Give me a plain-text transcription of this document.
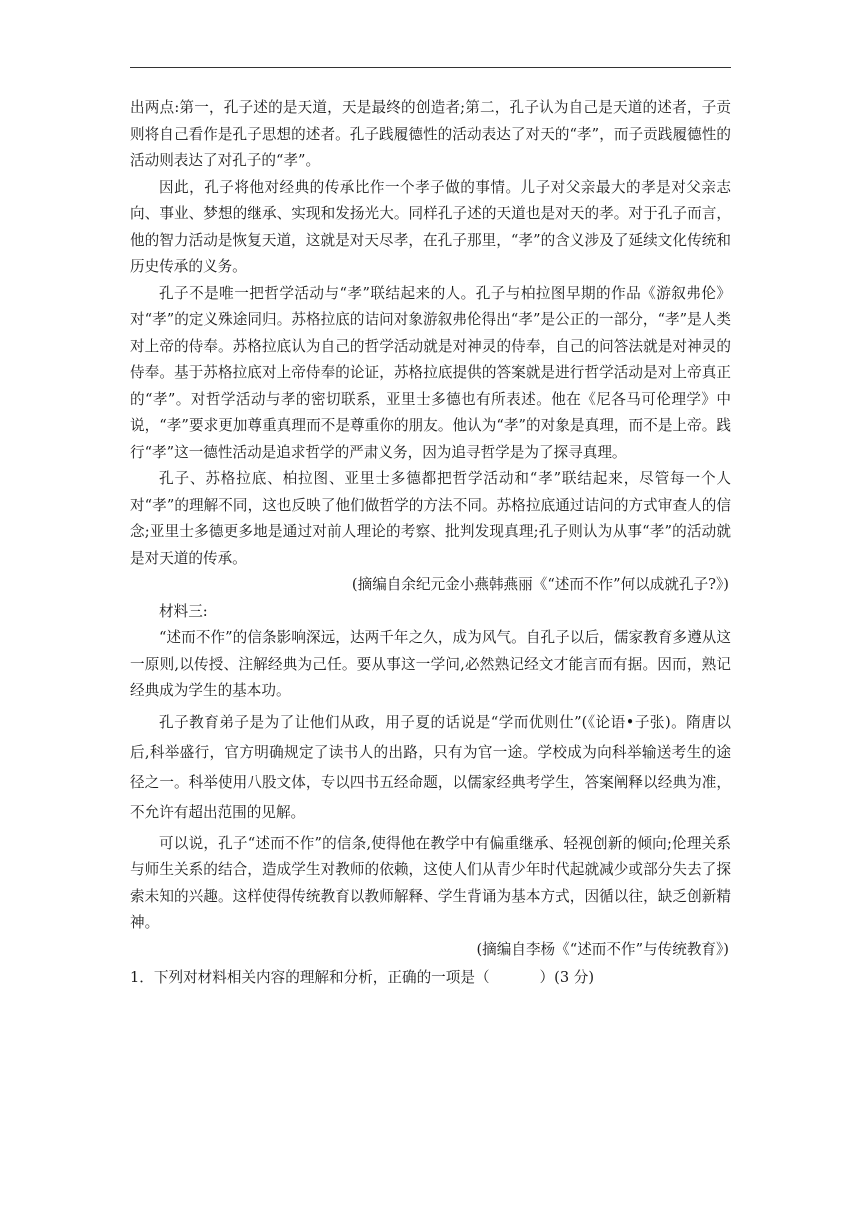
出两点:第一，孔子述的是天道，天是最终的创造者;第二，孔子认为自己是天道的述者，子贡则将自己看作是孔子思想的述者。孔子践履德性的活动表达了对天的“孝”，而子贡践履德性的活动则表达了对孔子的“孝”。

因此，孔子将他对经典的传承比作一个孝子做的事情。儿子对父亲最大的孝是对父亲志向、事业、梦想的继承、实现和发扬光大。同样孔子述的天道也是对天的孝。对于孔子而言，他的智力活动是恢复天道，这就是对天尽孝，在孔子那里，“孝”的含义涉及了延续文化传统和历史传承的义务。

孔子不是唯一把哲学活动与“孝”联结起来的人。孔子与柏拉图早期的作品《游叙弗伦》对“孝”的定义殊途同归。苏格拉底的诘问对象游叙弗伦得出“孝”是公正的一部分，“孝”是人类对上帝的侍奉。苏格拉底认为自己的哲学活动就是对神灵的侍奉，自己的问答法就是对神灵的侍奉。基于苏格拉底对上帝侍奉的论证，苏格拉底提供的答案就是进行哲学活动是对上帝真正的“孝”。对哲学活动与孝的密切联系，亚里士多德也有所表述。他在《尼各马可伦理学》中说，“孝”要求更加尊重真理而不是尊重你的朋友。他认为“孝”的对象是真理，而不是上帝。践行“孝”这一德性活动是追求哲学的严肃义务，因为追寻哲学是为了探寻真理。

孔子、苏格拉底、柏拉图、亚里士多德都把哲学活动和“孝”联结起来，尽管每一个人对“孝”的理解不同，这也反映了他们做哲学的方法不同。苏格拉底通过诘问的方式审查人的信念;亚里士多德更多地是通过对前人理论的考察、批判发现真理;孔子则认为从事“孝”的活动就是对天道的传承。

(摘编自余纪元金小燕韩燕丽《“述而不作”何以成就孔子?》)

材料三:

“述而不作”的信条影响深远，达两千年之久，成为风气。自孔子以后，儒家教育多遵从这一原则,以传授、注解经典为己任。要从事这一学问,必然熟记经文才能言而有据。因而，熟记经典成为学生的基本功。

孔子教育弟子是为了让他们从政，用子夏的话说是“学而优则仕”(《论语•子张)。隋唐以后,科举盛行，官方明确规定了读书人的出路，只有为官一途。学校成为向科举输送考生的途径之一。科举使用八股文体，专以四书五经命题，以儒家经典考学生，答案阐释以经典为准，不允许有超出范围的见解。

可以说，孔子“述而不作”的信条,使得他在教学中有偏重继承、轻视创新的倾向;伦理关系与师生关系的结合，造成学生对教师的依赖，这使人们从青少年时代起就减少或部分失去了探索未知的兴趣。这样使得传统教育以教师解释、学生背诵为基本方式，因循以往，缺乏创新精神。

(摘编自李杨《“述而不作”与传统教育》)
1．下列对材料相关内容的理解和分析，正确的一项是（	）(3 分)
